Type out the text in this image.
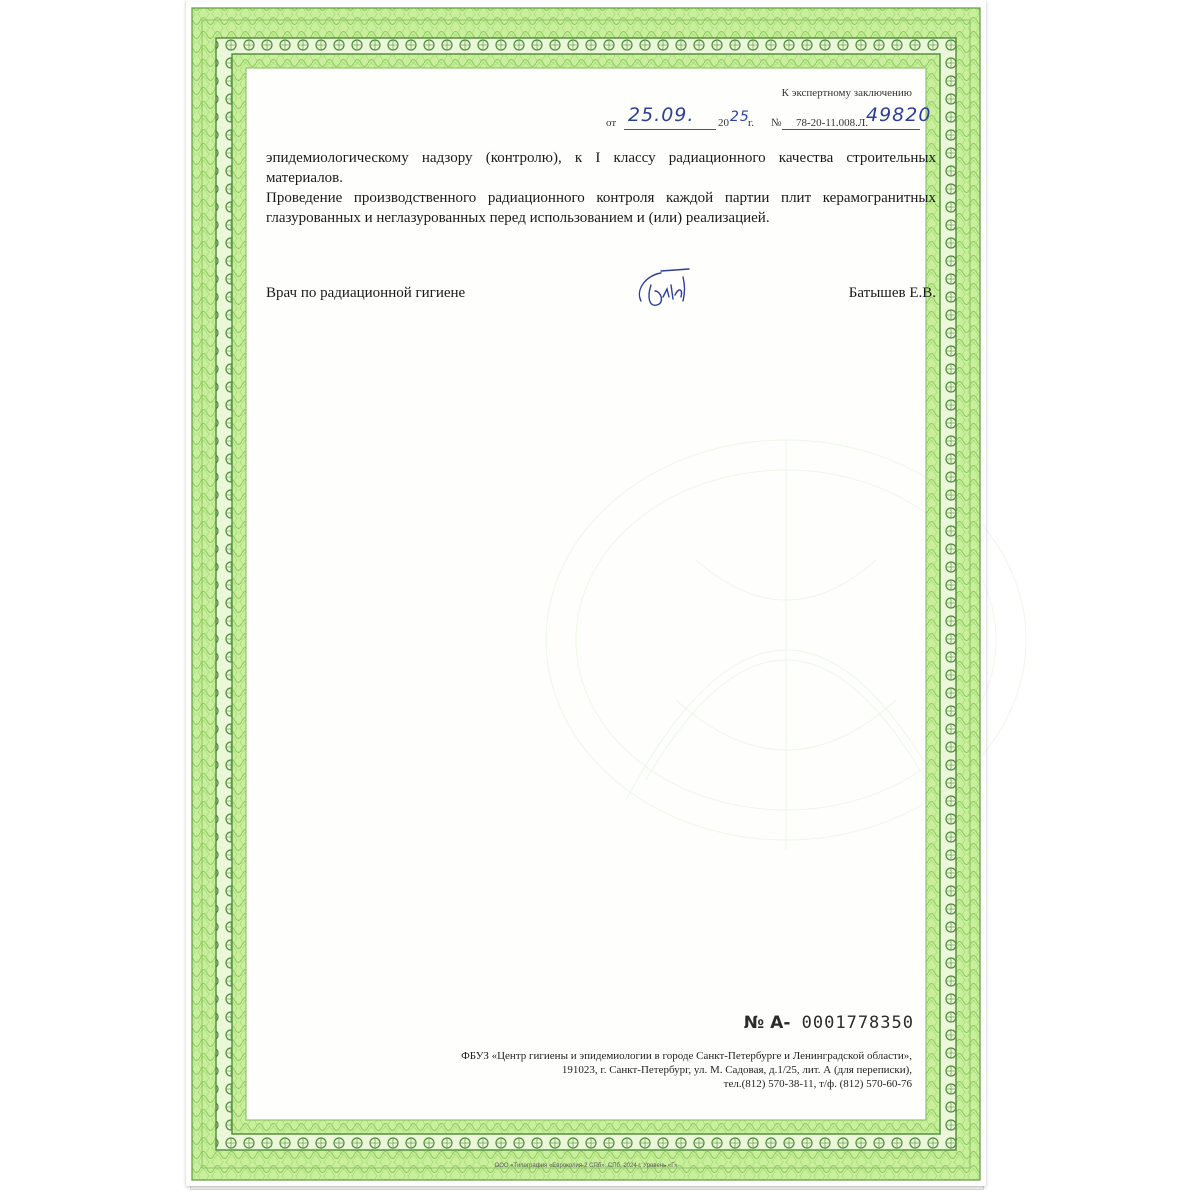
К экспертному заключению
от 25.09. 20 25
г. № 78-20-11.008.Л.
49820

эпидемиологическому надзору (контролю), к I классу радиационного качества строительных материалов.

Проведение производственного радиационного контроля каждой партии плит керамогранитных глазурованных и неглазурованных перед использованием и (или) реализацией.

Врач по радиационной гигиене	Батышев Е.В.
№ А- 0001778350
ФБУЗ «Центр гигиены и эпидемиологии в городе Санкт-Петербурге и Ленинградской области»,
191023, г. Санкт-Петербург, ул. М. Садовая, д.1/25, лит. А (для переписки),
тел.(812) 570-38-11, т/ф. (812) 570-60-76
ООО «Типография «Евроколия-2 СПб». СПб. 2024 г. Уровень «Г»
